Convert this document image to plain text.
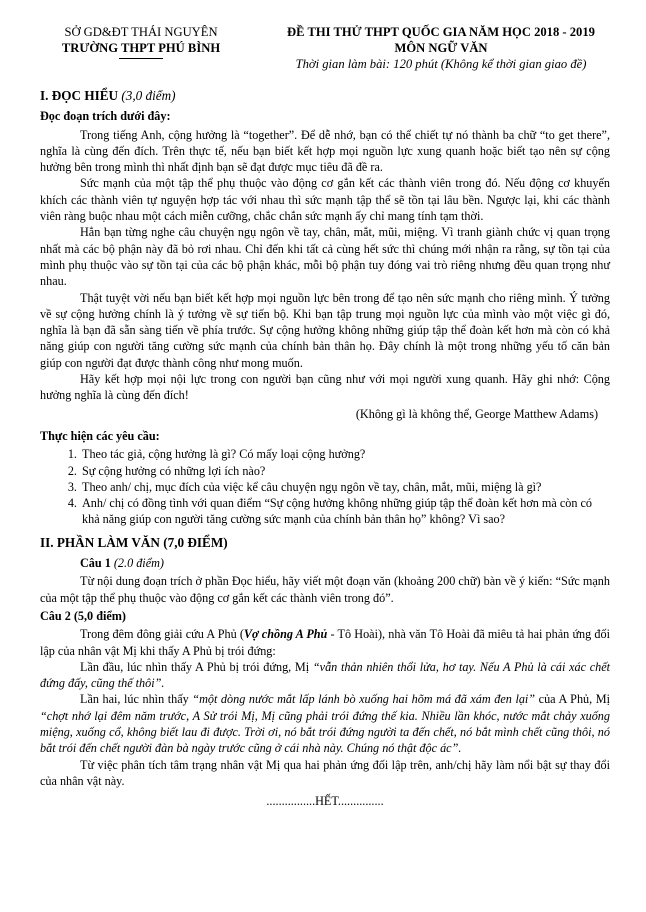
SỞ GD&ĐT THÁI NGUYÊN
TRƯỜNG THPT PHÚ BÌNH
ĐỀ THI THỬ THPT QUỐC GIA NĂM HỌC 2018 - 2019
MÔN NGỮ VĂN
Thời gian làm bài: 120 phút (Không kể thời gian giao đề)
I. ĐỌC HIỂU (3,0 điểm)
Đọc đoạn trích dưới đây:

Trong tiếng Anh, cộng hưởng là “together”. Để dễ nhớ, bạn có thể chiết tự nó thành ba chữ “to get there”, nghĩa là cùng đến đích. Trên thực tế, nếu bạn biết kết hợp mọi nguồn lực xung quanh hoặc biết tạo nên sự cộng hưởng bên trong mình thì nhất định bạn sẽ đạt được mục tiêu đã đề ra.

Sức mạnh của một tập thể phụ thuộc vào động cơ gắn kết các thành viên trong đó. Nếu động cơ khuyến khích các thành viên tự nguyện hợp tác với nhau thì sức mạnh tập thể sẽ tồn tại lâu bền. Ngược lại, khi các thành viên ràng buộc nhau một cách miễn cưỡng, chắc chắn sức mạnh ấy chỉ mang tính tạm thời.

Hẳn bạn từng nghe câu chuyện ngụ ngôn về tay, chân, mắt, mũi, miệng. Vì tranh giành chức vị quan trọng nhất mà các bộ phận này đã bỏ rơi nhau. Chỉ đến khi tất cả cùng hết sức thì chúng mới nhận ra rằng, sự tồn tại của mình phụ thuộc vào sự tồn tại của các bộ phận khác, mỗi bộ phận tuy đóng vai trò riêng nhưng đều quan trọng như nhau.

Thật tuyệt vời nếu bạn biết kết hợp mọi nguồn lực bên trong để tạo nên sức mạnh cho riêng mình. Ý tưởng về sự cộng hưởng chính là ý tưởng về sự tiến bộ. Khi bạn tập trung mọi nguồn lực của mình vào một việc gì đó, nghĩa là bạn đã sẵn sàng tiến về phía trước. Sự cộng hưởng không những giúp tập thể đoàn kết hơn mà còn có khả năng giúp con người tăng cường sức mạnh của chính bản thân họ. Đây chính là một trong những yếu tố căn bản giúp con người đạt được thành công như mong muốn.

Hãy kết hợp mọi nội lực trong con người bạn cũng như với mọi người xung quanh. Hãy ghi nhớ: Cộng hưởng nghĩa là cùng đến đích!

(Không gì là không thể, George Matthew Adams)

Thực hiện các yêu cầu:
1. Theo tác giả, cộng hưởng là gì? Có mấy loại cộng hưởng?
2. Sự cộng hưởng có những lợi ích nào?
3. Theo anh/ chị, mục đích của việc kể câu chuyện ngụ ngôn về tay, chân, mắt, mũi, miệng là gì?
4. Anh/ chị có đồng tình với quan điểm “Sự cộng hưởng không những giúp tập thể đoàn kết hơn mà còn có khả năng giúp con người tăng cường sức mạnh của chính bản thân họ” không? Vì sao?
II. PHẦN LÀM VĂN (7,0 ĐIỂM)
Câu 1 (2.0 điểm)

Từ nội dung đoạn trích ở phần Đọc hiểu, hãy viết một đoạn văn (khoảng 200 chữ) bàn về ý kiến: “Sức mạnh của một tập thể phụ thuộc vào động cơ gắn kết các thành viên trong đó”.

Câu 2 (5,0 điểm)

Trong đêm đông giải cứu A Phủ (Vợ chồng A Phủ - Tô Hoài), nhà văn Tô Hoài đã miêu tả hai phản ứng đối lập của nhân vật Mị khi thấy A Phủ bị trói đứng:

Lần đầu, lúc nhìn thấy A Phủ bị trói đứng, Mị “vẫn thản nhiên thổi lửa, hơ tay. Nếu A Phủ là cái xác chết đứng đấy, cũng thế thôi”.

Lần hai, lúc nhìn thấy “một dòng nước mắt lấp lánh bò xuống hai hõm má đã xám đen lại” của A Phủ, Mị “chợt nhớ lại đêm năm trước, A Sử trói Mị, Mị cũng phải trói đứng thế kia. Nhiều lần khóc, nước mắt chảy xuống miệng, xuống cổ, không biết lau đi được. Trời ơi, nó bắt trói đứng người ta đến chết, nó bắt mình chết cũng thôi, nó bắt trói đến chết người đàn bà ngày trước cũng ở cái nhà này. Chúng nó thật độc ác”.

Từ việc phân tích tâm trạng nhân vật Mị qua hai phản ứng đối lập trên, anh/chị hãy làm nổi bật sự thay đổi của nhân vật này.

................HẾT...............
